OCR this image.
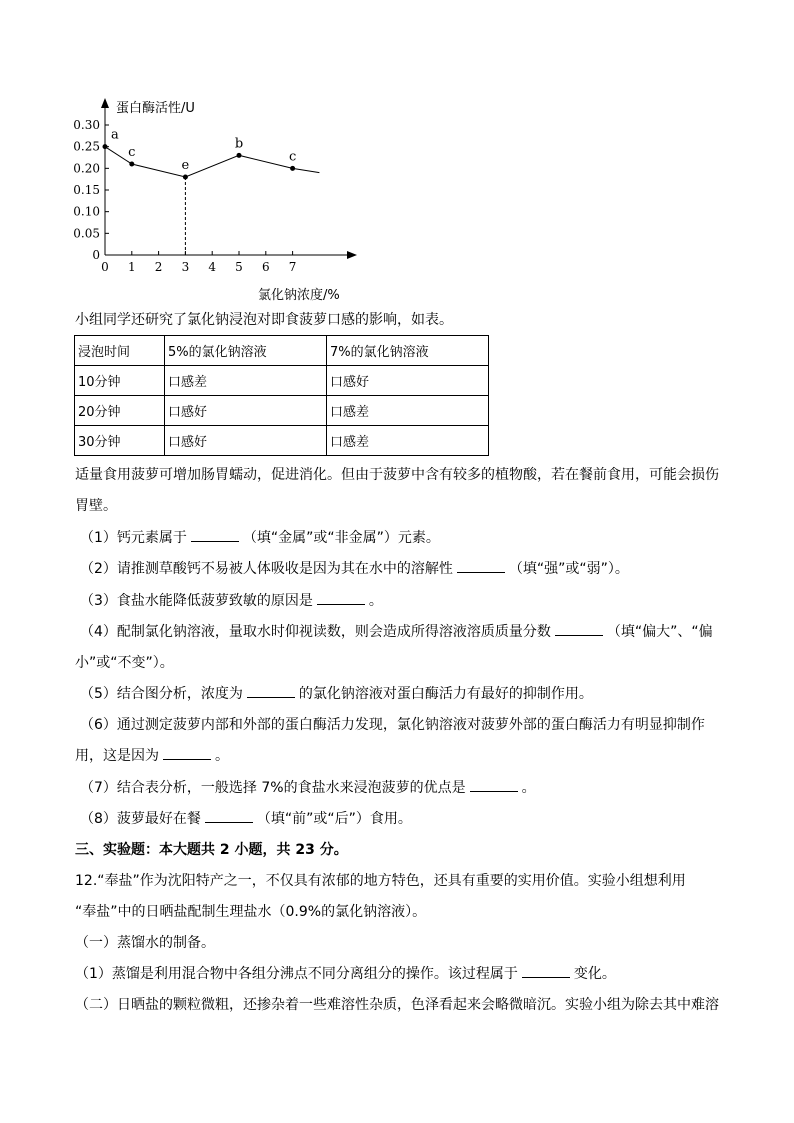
0
0.05
0.10
0.15
0.20
0.25
0.30
0 1 2 3 4 5 6 7
a
c
e
b
c
蛋白酶活性/U
氯化钠浓度/%
小组同学还研究了氯化钠浸泡对即食菠萝口感的影响，如表。
浸泡时间	5%的氯化钠溶液	7%的氯化钠溶液
10分钟	口感差	口感好
20分钟	口感好	口感差
30分钟	口感好	口感差
适量食用菠萝可增加肠胃蠕动，促进消化。但由于菠萝中含有较多的植物酸，若在餐前食用，可能会损伤
胃壁。
（1）钙元素属于	（填“金属”或“非金属”）元素。
（2）请推测草酸钙不易被人体吸收是因为其在水中的溶解性	（填“强”或“弱”）。
（3）食盐水能降低菠萝致敏的原因是	。
（4）配制氯化钠溶液，量取水时仰视读数，则会造成所得溶液溶质质量分数	（填“偏大”、“偏
小”或“不变”）。
（5）结合图分析，浓度为	的氯化钠溶液对蛋白酶活力有最好的抑制作用。
（6）通过测定菠萝内部和外部的蛋白酶活力发现，氯化钠溶液对菠萝外部的蛋白酶活力有明显抑制作
用，这是因为	。
（7）结合表分析，一般选择 7%的食盐水来浸泡菠萝的优点是	。
（8）菠萝最好在餐	（填“前”或“后”）食用。
三、实验题：本大题共 2 小题，共 23 分。
12.“奉盐”作为沈阳特产之一，不仅具有浓郁的地方特色，还具有重要的实用价值。实验小组想利用
“奉盐”中的日晒盐配制生理盐水（0.9%的氯化钠溶液）。
（一）蒸馏水的制备。
（1）蒸馏是利用混合物中各组分沸点不同分离组分的操作。该过程属于	变化。
（二）日晒盐的颗粒微粗，还掺杂着一些难溶性杂质，色泽看起来会略微暗沉。实验小组为除去其中难溶
